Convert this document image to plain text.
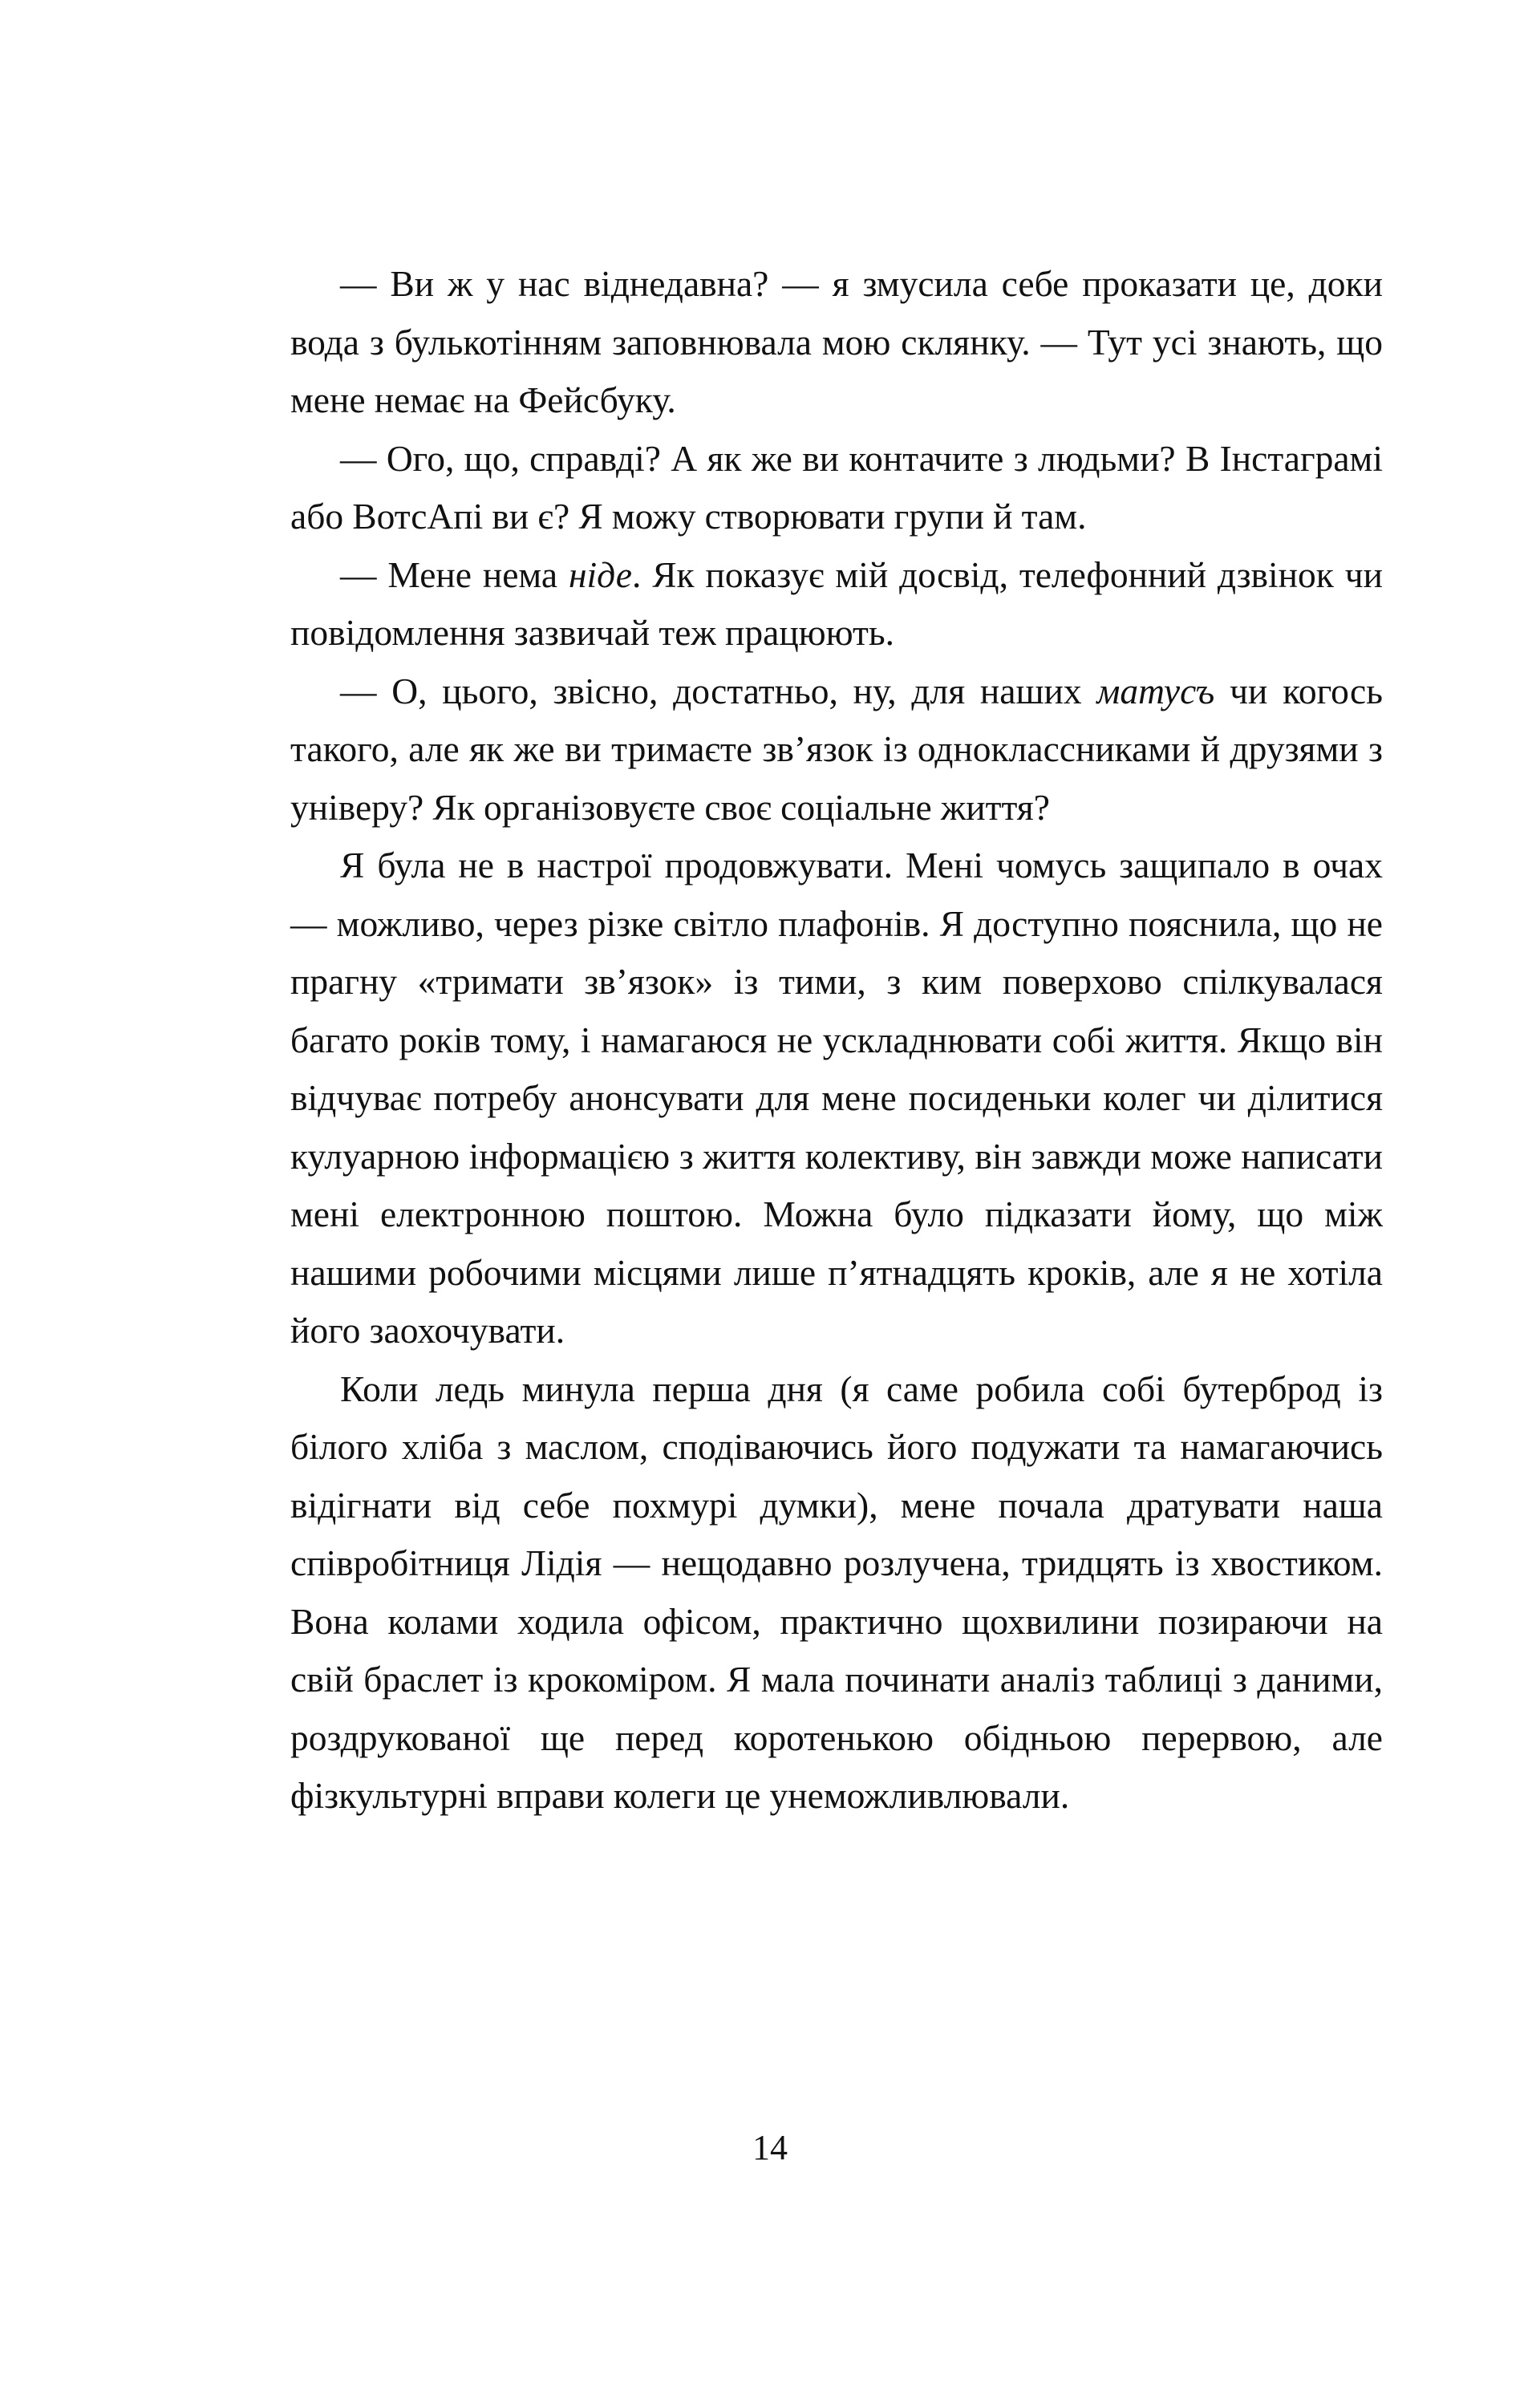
— Ви ж у нас віднедавна? — я змусила себе проказати це, доки вода з булькотінням заповнювала мою склянку. — Тут усі знають, що мене немає на Фейсбуку.

— Ого, що, справді? А як же ви контачите з людьми? В Інстаграмі або ВотсАпі ви є? Я можу створювати групи й там.

— Мене нема ніде. Як показує мій досвід, телефонний дзвінок чи повідомлення зазвичай теж працюють.

— О, цього, звісно, достатньо, ну, для наших матусъ чи когось такого, але як же ви тримаєте зв’язок із одноклассниками й друзями з універу? Як організовуєте своє соціальне життя?

Я була не в настрої продовжувати. Мені чомусь защипало в очах — можливо, через різке світло плафонів. Я доступно пояснила, що не прагну «тримати зв’язок» із тими, з ким поверхово спілкувалася багато років тому, і намагаюся не ускладнювати собі життя. Якщо він відчуває потребу анонсувати для мене посиденьки колег чи ділитися кулуарною інформацією з життя колективу, він завжди може написати мені електронною поштою. Можна було підказати йому, що між нашими робочими місцями лише п’ятнадцять кроків, але я не хотіла його заохочувати.

Коли ледь минула перша дня (я саме робила собі бутерброд із білого хліба з маслом, сподіваючись його подужати та намагаючись відігнати від себе похмурі думки), мене почала дратувати наша співробітниця Лідія — нещодавно розлучена, тридцять із хвостиком. Вона колами ходила офісом, практично щохвилини позираючи на свій браслет із крокоміром. Я мала починати аналіз таблиці з даними, роздрукованої ще перед коротенькою обідньою перервою, але фізкультурні вправи колеги це унеможливлювали.

14
